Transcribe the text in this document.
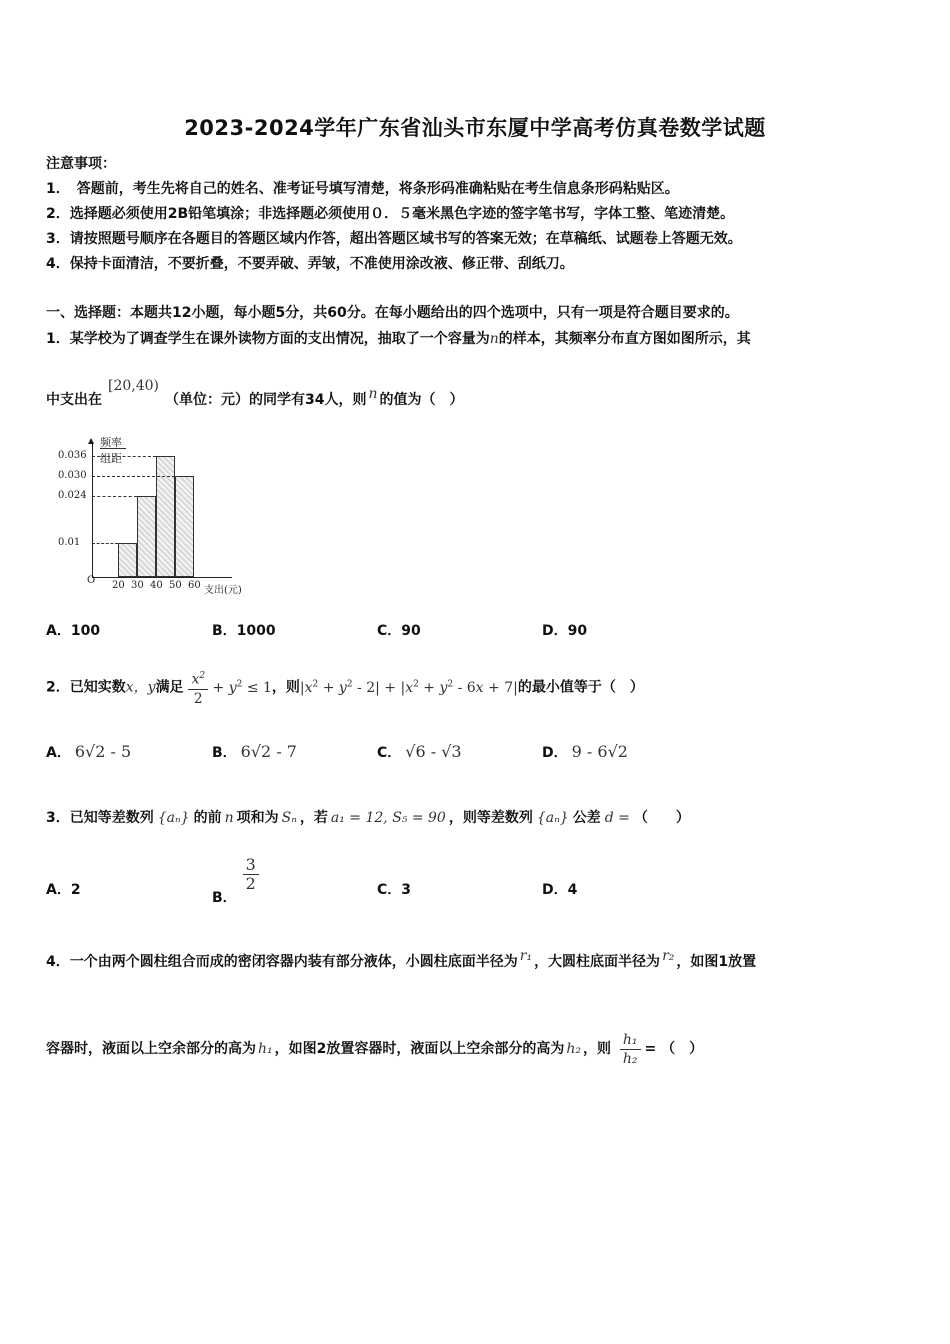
2023-2024学年广东省汕头市东厦中学高考仿真卷数学试题
注意事项：
1．　答题前，考生先将自己的姓名、准考证号填写清楚，将条形码准确粘贴在考生信息条形码粘贴区。
2．选择题必须使用2B铅笔填涂；非选择题必须使用０．５毫米黑色字迹的签字笔书写，字体工整、笔迹清楚。
3．请按照题号顺序在各题目的答题区域内作答，超出答题区域书写的答案无效；在草稿纸、试题卷上答题无效。
4．保持卡面清洁，不要折叠，不要弄破、弄皱，不准使用涂改液、修正带、刮纸刀。
一、选择题：本题共12小题，每小题5分，共60分。在每小题给出的四个选项中，只有一项是符合题目要求的。
1．某学校为了调查学生在课外读物方面的支出情况，抽取了一个容量为n的样本，其频率分布直方图如图所示，其
中支出在[20,40)（单位：元）的同学有34人，则 n 的值为（　）
频率
组距
▲
O
支出(元)
0.036
0.030
0.024
0.01
20 30 40 50 60
A．100	B．1000	C．90	D．90
2．已知实数x，y满足 $\frac{x^2}{2} + y^2 \le 1$，则$|x^2 + y^2 - 2| + |x^2 + y^2 - 6x + 7|$的最小值等于（　）
A． 6√2 - 5	B． 6√2 - 7	C． √6 - √3	D． 9 - 6√2
3．已知等差数列 {aₙ} 的前 n 项和为 Sₙ ，若 a₁ = 12, S₅ = 90 ，则等差数列 {aₙ} 公差 d = （　　）
A．2	B．
$\frac{3}{2}$	C．3	D．4
4．一个由两个圆柱组合而成的密闭容器内装有部分液体，小圆柱底面半径为 r₁ ，大圆柱底面半径为 r₂ ，如图1放置
容器时，液面以上空余部分的高为 h₁ ，如图2放置容器时，液面以上空余部分的高为 h₂ ，则 $\frac{\text{h₁}}{\text{h₂}}$ = （　）
